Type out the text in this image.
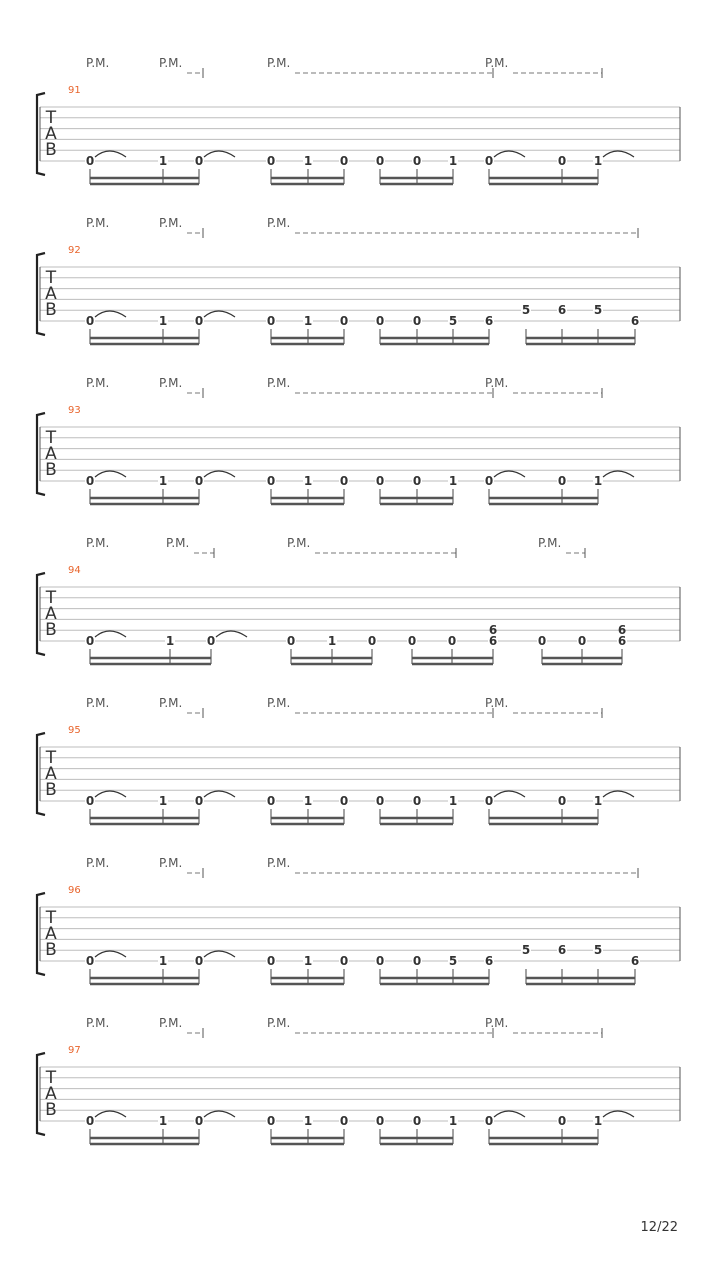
91
T
A
B
0	1 0	0 1 0 0 0 1 0	0 1
P.M.	P.M.	P.M.	P.M.
92
T
A
B
0	1 0	0 1 0 0 0 5 6
5 6 5
6
P.M.	P.M.	P.M.
93
T
A
B
0	1 0	0 1 0 0 0 1 0	0 1
P.M.	P.M.	P.M.	P.M.
94
T
A
B
0	1	0	0	1	0	0	0	6
6
0	0	6
6
P.M.	P.M.	P.M.	P.M.
95
T
A
B
0	1 0	0 1 0 0 0 1 0	0 1
P.M.	P.M.	P.M.	P.M.
96
T
A
B
0	1 0	0 1 0 0 0 5 6
5 6 5
6
P.M.	P.M.	P.M.
97
T
A
B
0	1 0	0 1 0 0 0 1 0	0 1
P.M.	P.M.	P.M.	P.M.
12/22
